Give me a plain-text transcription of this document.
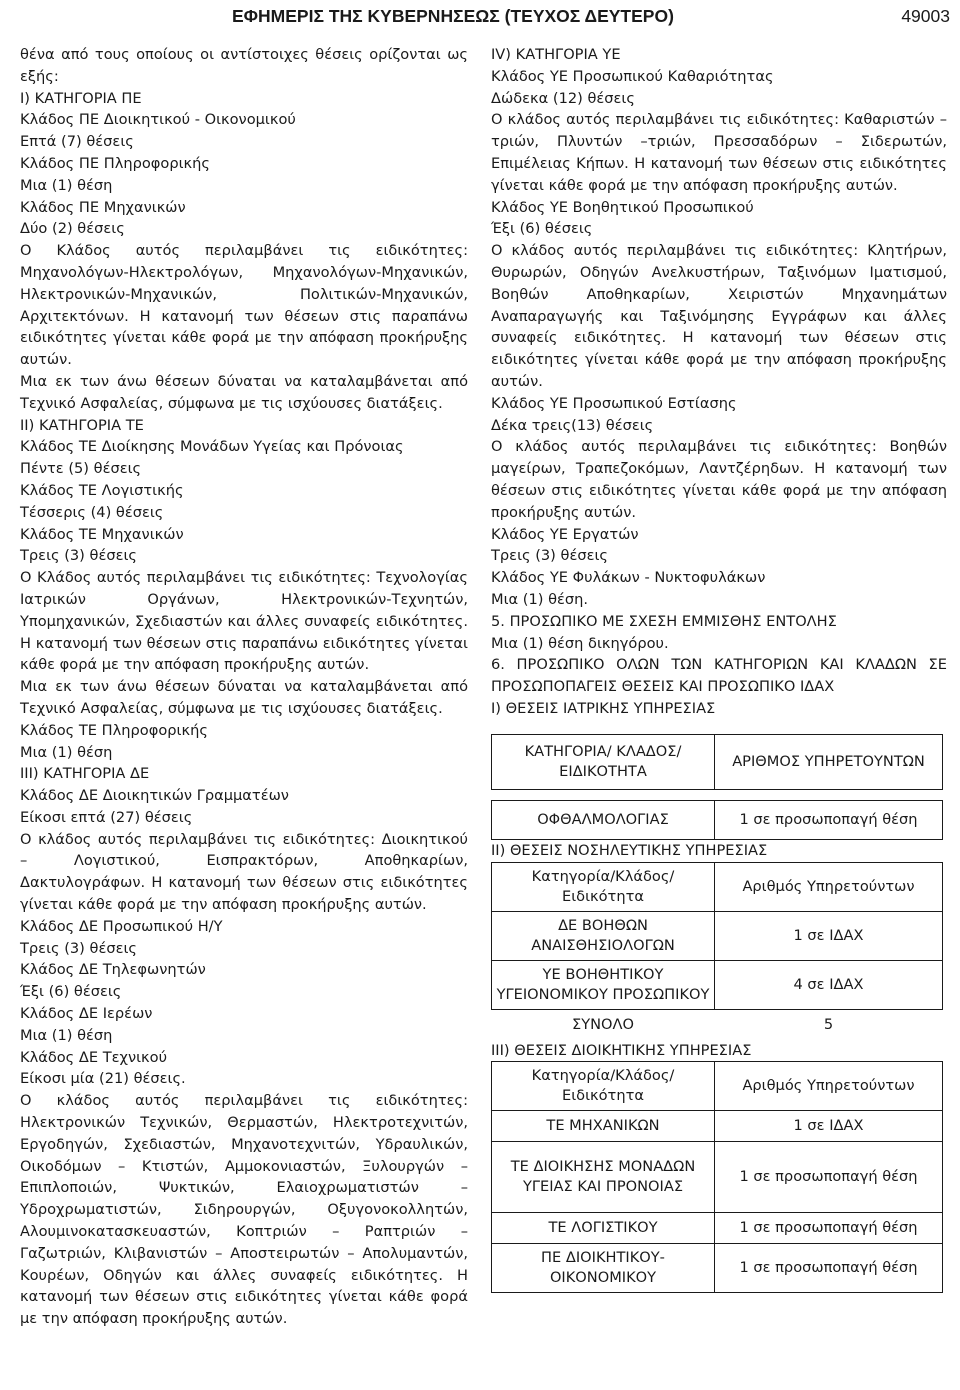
ΕΦΗΜΕΡΙΣ ΤΗΣ ΚΥΒΕΡΝΗΣΕΩΣ (ΤΕΥΧΟΣ ΔΕΥΤΕΡΟ)	49003

θένα από τους οποίους οι αντίστοιχες θέσεις ορίζονται ως εξής:

Ι) ΚΑΤΗΓΟΡΙΑ ΠΕ

Κλάδος ΠΕ Διοικητικού - Οικονομικού

Επτά (7) θέσεις

Κλάδος ΠΕ Πληροφορικής

Μια (1) θέση

Κλάδος ΠΕ Μηχανικών

Δύο (2) θέσεις

Ο Κλάδος αυτός περιλαμβάνει τις ειδικότητες: Μηχανολόγων-Ηλεκτρολόγων, Μηχανολόγων-Μηχανικών, Ηλεκτρονικών-Μηχανικών, Πολιτικών-Μηχανικών, Αρχιτεκτόνων. Η κατανομή των θέσεων στις παραπάνω ειδικότητες γίνεται κάθε φορά με την απόφαση προκήρυξης αυτών.

Μια εκ των άνω θέσεων δύναται να καταλαμβάνεται από Τεχνικό Ασφαλείας, σύμφωνα με τις ισχύουσες διατάξεις.

ΙΙ) ΚΑΤΗΓΟΡΙΑ ΤΕ

Κλάδος ΤΕ Διοίκησης Μονάδων Υγείας και Πρόνοιας

Πέντε (5) θέσεις

Κλάδος ΤΕ Λογιστικής

Τέσσερις (4) θέσεις

Κλάδος ΤΕ Μηχανικών

Τρεις (3) θέσεις

Ο Κλάδος αυτός περιλαμβάνει τις ειδικότητες: Τεχνολογίας Ιατρικών Οργάνων, Ηλεκτρονικών-Τεχνητών, Υπομηχανικών, Σχεδιαστών και άλλες συναφείς ειδικότητες. Η κατανομή των θέσεων στις παραπάνω ειδικότητες γίνεται κάθε φορά με την απόφαση προκήρυξης αυτών.

Μια εκ των άνω θέσεων δύναται να καταλαμβάνεται από Τεχνικό Ασφαλείας, σύμφωνα με τις ισχύουσες διατάξεις.

Κλάδος ΤΕ Πληροφορικής

Μια (1) θέση

ΙΙΙ) ΚΑΤΗΓΟΡΙΑ ΔΕ

Κλάδος ΔΕ Διοικητικών Γραμματέων

Είκοσι επτά (27) θέσεις

Ο κλάδος αυτός περιλαμβάνει τις ειδικότητες: Διοικητικού – Λογιστικού, Εισπρακτόρων, Αποθηκαρίων, Δακτυλογράφων. Η κατανομή των θέσεων στις ειδικότητες γίνεται κάθε φορά με την απόφαση προκήρυξης αυτών.

Κλάδος ΔΕ Προσωπικού Η/Υ

Τρεις (3) θέσεις

Κλάδος ΔΕ Τηλεφωνητών

Έξι (6) θέσεις

Κλάδος ΔΕ Ιερέων

Μια (1) θέση

Κλάδος ΔΕ Τεχνικού

Είκοσι μία (21) θέσεις.

Ο κλάδος αυτός περιλαμβάνει τις ειδικότητες: Ηλεκτρονικών Τεχνικών, Θερμαστών, Ηλεκτροτεχνιτών, Εργοδηγών, Σχεδιαστών, Μηχανοτεχνιτών, Υδραυλικών, Οικοδόμων – Κτιστών, Αμμοκονιαστών, Ξυλουργών – Επιπλοποιών, Ψυκτικών, Ελαιοχρωματιστών – Υδροχρωματιστών, Σιδηρουργών, Οξυγονοκολλητών, Αλουμινοκατασκευαστών, Κοπτριών – Ραπτριών – Γαζωτριών, Κλιβανιστών – Αποστειρωτών – Απολυμαντών, Κουρέων, Οδηγών και άλλες συναφείς ειδικότητες. Η κατανομή των θέσεων στις ειδικότητες γίνεται κάθε φορά με την απόφαση προκήρυξης αυτών.

ΙV) ΚΑΤΗΓΟΡΙΑ ΥΕ

Κλάδος ΥΕ Προσωπικού Καθαριότητας

Δώδεκα (12) θέσεις

Ο κλάδος αυτός περιλαμβάνει τις ειδικότητες: Καθαριστών –τριών, Πλυντών –τριών, Πρεσσαδόρων – Σιδερωτών, Επιμέλειας Κήπων. Η κατανομή των θέσεων στις ειδικότητες γίνεται κάθε φορά με την απόφαση προκήρυξης αυτών.

Κλάδος ΥΕ Βοηθητικού Προσωπικού

Έξι (6) θέσεις

Ο κλάδος αυτός περιλαμβάνει τις ειδικότητες: Κλητήρων, Θυρωρών, Οδηγών Ανελκυστήρων, Ταξινόμων Ιματισμού, Βοηθών Αποθηκαρίων, Χειριστών Μηχανημάτων Αναπαραγωγής και Ταξινόμησης Εγγράφων και άλλες συναφείς ειδικότητες. Η κατανομή των θέσεων στις ειδικότητες γίνεται κάθε φορά με την απόφαση προκήρυξης αυτών.

Κλάδος ΥΕ Προσωπικού Εστίασης

Δέκα τρεις(13) θέσεις

Ο κλάδος αυτός περιλαμβάνει τις ειδικότητες: Βοηθών μαγείρων, Τραπεζοκόμων, Λαντζέρηδων. Η κατανομή των θέσεων στις ειδικότητες γίνεται κάθε φορά με την απόφαση προκήρυξης αυτών.

Κλάδος ΥΕ Εργατών

Τρεις (3) θέσεις

Κλάδος ΥΕ Φυλάκων - Νυκτοφυλάκων

Μια (1) θέση.

5. ΠΡΟΣΩΠΙΚΟ ΜΕ ΣΧΕΣΗ ΕΜΜΙΣΘΗΣ ΕΝΤΟΛΗΣ

Μια (1) θέση δικηγόρου.

6. ΠΡΟΣΩΠΙΚΟ ΟΛΩΝ ΤΩΝ ΚΑΤΗΓΟΡΙΩΝ ΚΑΙ ΚΛΑΔΩΝ ΣΕ ΠΡΟΣΩΠΟΠΑΓΕΙΣ ΘΕΣΕΙΣ ΚΑΙ ΠΡΟΣΩΠΙΚΟ ΙΔΑΧ

Ι) ΘΕΣΕΙΣ ΙΑΤΡΙΚΗΣ ΥΠΗΡΕΣΙΑΣ

ΚΑΤΗΓΟΡΙΑ/ ΚΛΑΔΟΣ/ ΕΙΔΙΚΟΤΗΤΑ	ΑΡΙΘΜΟΣ ΥΠΗΡΕΤΟΥΝΤΩΝ

ΟΦΘΑΛΜΟΛΟΓΙΑΣ	1 σε προσωποπαγή θέση

ΙΙ) ΘΕΣΕΙΣ ΝΟΣΗΛΕΥΤΙΚΗΣ ΥΠΗΡΕΣΙΑΣ

Κατηγορία/Κλάδος/ Ειδικότητα	Αριθμός Υπηρετούντων
ΔΕ ΒΟΗΘΩΝ ΑΝΑΙΣΘΗΣΙΟΛΟΓΩΝ	1 σε ΙΔΑΧ
ΥΕ ΒΟΗΘΗΤΙΚΟΥ ΥΓΕΙΟΝΟΜΙΚΟΥ ΠΡΟΣΩΠΙΚΟΥ	4 σε ΙΔΑΧ
ΣΥΝΟΛΟ	5

ΙΙΙ) ΘΕΣΕΙΣ ΔΙΟΙΚΗΤΙΚΗΣ ΥΠΗΡΕΣΙΑΣ

Κατηγορία/Κλάδος/ Ειδικότητα	Αριθμός Υπηρετούντων
ΤΕ ΜΗΧΑΝΙΚΩΝ	1 σε ΙΔΑΧ
ΤΕ ΔΙΟΙΚΗΣΗΣ ΜΟΝΑΔΩΝ ΥΓΕΙΑΣ ΚΑΙ ΠΡΟΝΟΙΑΣ	1 σε προσωποπαγή θέση
ΤΕ ΛΟΓΙΣΤΙΚΟΥ	1 σε προσωποπαγή θέση
ΠΕ ΔΙΟΙΚΗΤΙΚΟΥ-ΟΙΚΟΝΟΜΙΚΟΥ	1 σε προσωποπαγή θέση
